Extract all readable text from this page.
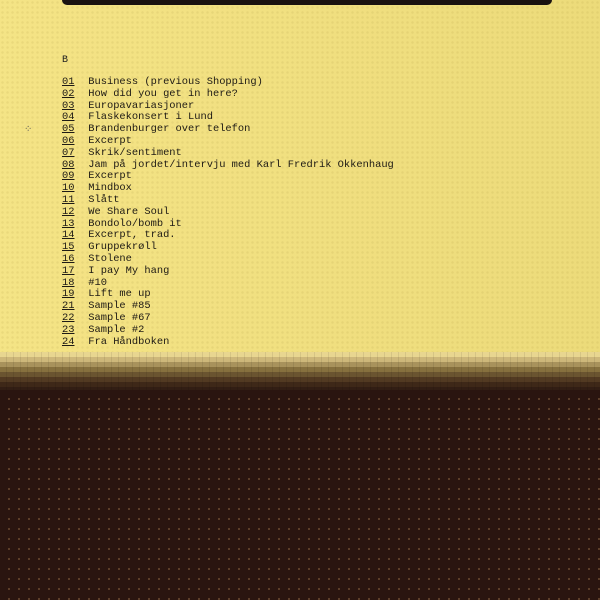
B
⁘
01 Business (previous Shopping)
02 How did you get in here?
03 Europavariasjoner
04 Flaskekonsert i Lund
05 Brandenburger over telefon
06 Excerpt
07 Skrik/sentiment
08 Jam på jordet/intervju med Karl Fredrik Okkenhaug
09 Excerpt
10 Mindbox
11 Slått
12 We Share Soul
13 Bondolo/bomb it
14 Excerpt, trad.
15 Gruppekrøll
16 Stolene
17 I pay My hang
18 #10
19 Lift me up
21 Sample #85
22 Sample #67
23 Sample #2
24 Fra Håndboken
